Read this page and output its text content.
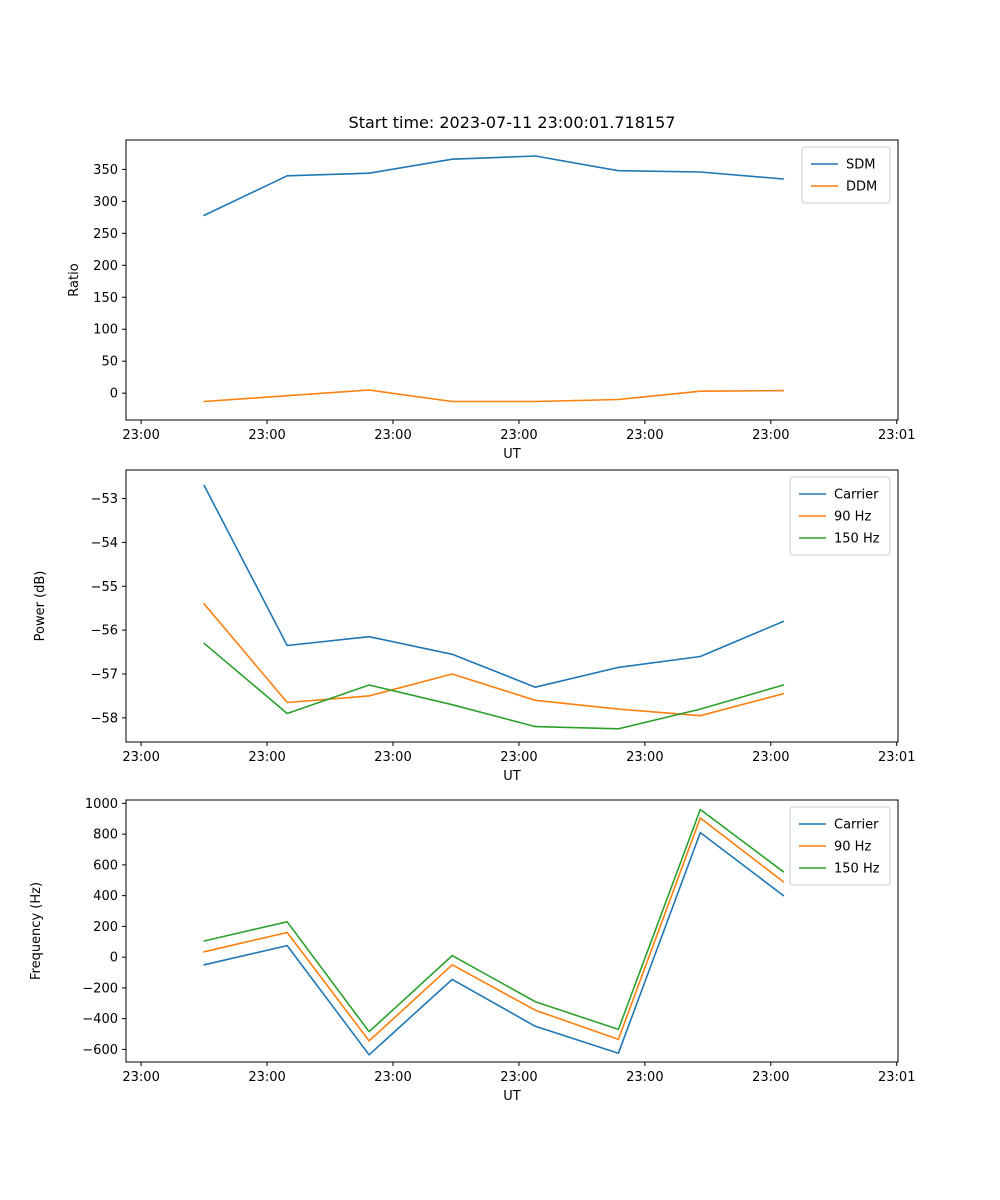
Start time: 2023-07-11 23:00:01.718157
23:00	23:00	23:00	23:00	23:00	23:00	23:01
0
50
100
150
200
250
300
350
Ratio
UT
SDM
DDM
23:00	23:00	23:00	23:00	23:00	23:00	23:01
−53
−54
−55
−56
−57
−58
Power (dB)
UT
Carrier
90 Hz
150 Hz
23:00	23:00	23:00	23:00	23:00	23:00	23:01
1000
800
600
400
200
0
−200
−400
−600
Frequency (Hz)
UT
Carrier
90 Hz
150 Hz
